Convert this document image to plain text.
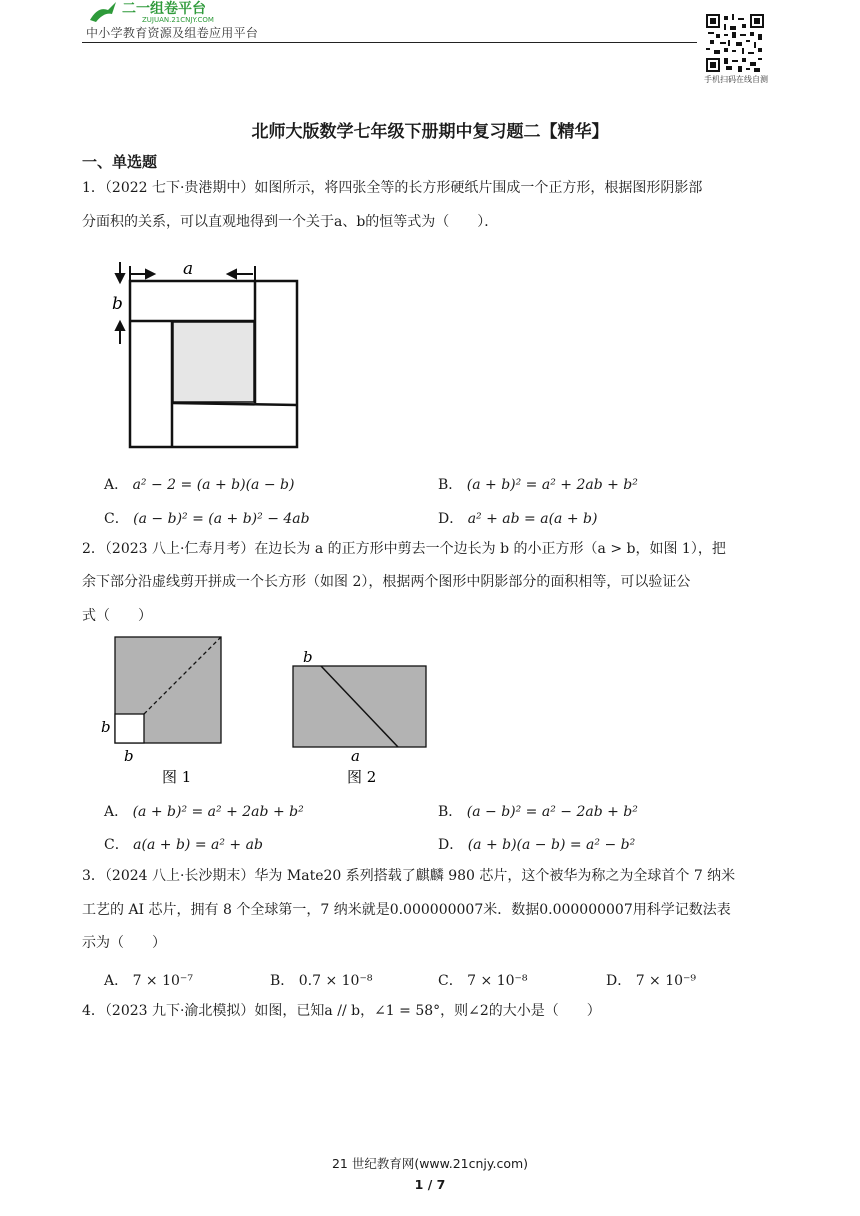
二一组卷平台
ZUJUAN.21CNJY.COM
中小学教育资源及组卷应用平台
手机扫码在线自测
北师大版数学七年级下册期中复习题二【精华】
一、单选题
1．（2022 七下·贵港期中）如图所示，将四张全等的长方形硬纸片围成一个正方形，根据图形阴影部
分面积的关系，可以直观地得到一个关于a、b的恒等式为（　　）．
a
b
A． a² − 2 = (a + b)(a − b)	B． (a + b)² = a² + 2ab + b²
C． (a − b)² = (a + b)² − 4ab	D． a² + ab = a(a + b)
2．（2023 八上·仁寿月考）在边长为 a 的正方形中剪去一个边长为 b 的小正方形（a > b，如图 1），把
余下部分沿虚线剪开拼成一个长方形（如图 2），根据两个图形中阴影部分的面积相等，可以验证公
式（　　）
b
b
图 1
b
a
图 2
A． (a + b)² = a² + 2ab + b²	B． (a − b)² = a² − 2ab + b²
C． a(a + b) = a² + ab	D． (a + b)(a − b) = a² − b²
3．（2024 八上·长沙期末）华为 Mate20 系列搭载了麒麟 980 芯片，这个被华为称之为全球首个 7 纳米
工艺的 AI 芯片，拥有 8 个全球第一，7 纳米就是0.000000007米．数据0.000000007用科学记数法表
示为（　　）
A． 7 × 10⁻⁷	B． 0.7 × 10⁻⁸	C． 7 × 10⁻⁸	D． 7 × 10⁻⁹
4．（2023 九下·渝北模拟）如图，已知a // b，∠1 = 58°，则∠2的大小是（　　）
21 世纪教育网(www.21cnjy.com)
1 / 7
